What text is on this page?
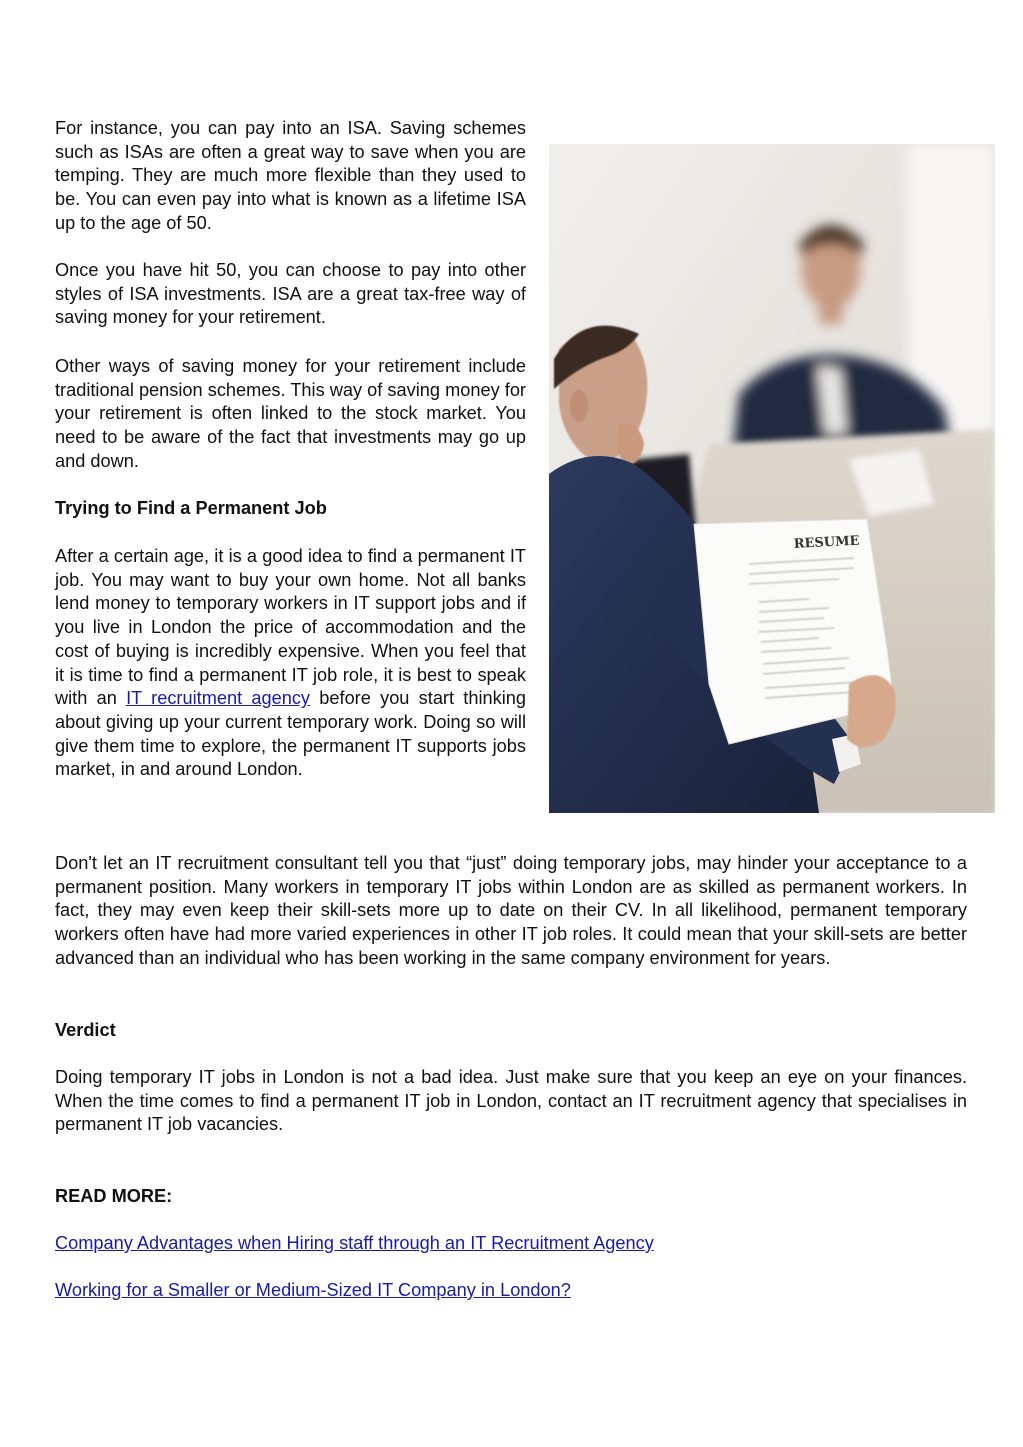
For instance, you can pay into an ISA. Saving schemes such as ISAs are often a great way to save when you are temping. They are much more flexible than they used to be. You can even pay into what is known as a lifetime ISA up to the age of 50.

Once you have hit 50, you can choose to pay into other styles of ISA investments. ISA are a great tax-free way of saving money for your retirement.

Other ways of saving money for your retirement include traditional pension schemes. This way of saving money for your retirement is often linked to the stock market. You need to be aware of the fact that investments may go up and down.

Trying to Find a Permanent Job

After a certain age, it is a good idea to find a permanent IT job. You may want to buy your own home. Not all banks lend money to temporary workers in IT support jobs and if you live in London the price of accommodation and the cost of buying is incredibly expensive. When you feel that it is time to find a permanent IT job role, it is best to speak with an IT recruitment agency before you start thinking about giving up your current temporary work. Doing so will give them time to explore, the permanent IT supports jobs market, in and around London.

Don't let an IT recruitment consultant tell you that “just” doing temporary jobs, may hinder your acceptance to a permanent position. Many workers in temporary IT jobs within London are as skilled as permanent workers. In fact, they may even keep their skill-sets more up to date on their CV. In all likelihood, permanent temporary workers often have had more varied experiences in other IT job roles. It could mean that your skill-sets are better advanced than an individual who has been working in the same company environment for years.

Verdict

Doing temporary IT jobs in London is not a bad idea. Just make sure that you keep an eye on your finances. When the time comes to find a permanent IT job in London, contact an IT recruitment agency that specialises in permanent IT job vacancies.

READ MORE:
Company Advantages when Hiring staff through an IT Recruitment Agency
Working for a Smaller or Medium-Sized IT Company in London?
RESUME
